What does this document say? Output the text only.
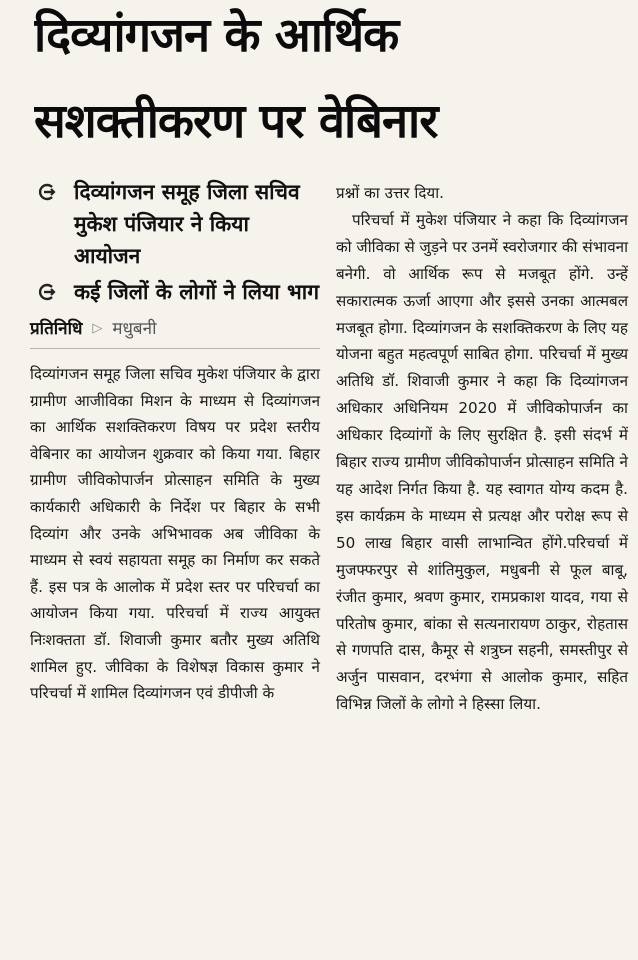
दिव्यांगजन के आर्थिक
सशक्तीकरण पर वेबिनार
दिव्यांगजन समूह जिला सचिव मुकेश पंजियार ने किया आयोजन
कई जिलों के लोगों ने लिया भाग
प्रतिनिधि ▷ मधुबनी

दिव्यांगजन समूह जिला सचिव मुकेश पंजियार के द्वारा ग्रामीण आजीविका मिशन के माध्यम से दिव्यांगजन का आर्थिक सशक्तिकरण विषय पर प्रदेश स्तरीय वेबिनार का आयोजन शुक्रवार को किया गया. बिहार ग्रामीण जीविकोपार्जन प्रोत्साहन समिति के मुख्य कार्यकारी अधिकारी के निर्देश पर बिहार के सभी दिव्यांग और उनके अभिभावक अब जीविका के माध्यम से स्वयं सहायता समूह का निर्माण कर सकते हैं. इस पत्र के आलोक में प्रदेश स्तर पर परिचर्चा का आयोजन किया गया. परिचर्चा में राज्य आयुक्त निःशक्तता डॉ. शिवाजी कुमार बतौर मुख्य अतिथि शामिल हुए. जीविका के विशेषज्ञ विकास कुमार ने परिचर्चा में शामिल दिव्यांगजन एवं डीपीजी के

प्रश्नों का उत्तर दिया.

परिचर्चा में मुकेश पंजियार ने कहा कि दिव्यांगजन को जीविका से जुड़ने पर उनमें स्वरोजगार की संभावना बनेगी. वो आर्थिक रूप से मजबूत होंगे. उन्हें सकारात्मक ऊर्जा आएगा और इससे उनका आत्मबल मजबूत होगा. दिव्यांगजन के सशक्तिकरण के लिए यह योजना बहुत महत्वपूर्ण साबित होगा. परिचर्चा में मुख्य अतिथि डॉ. शिवाजी कुमार ने कहा कि दिव्यांगजन अधिकार अधिनियम 2020 में जीविकोपार्जन का अधिकार दिव्यांगों के लिए सुरक्षित है. इसी संदर्भ में बिहार राज्य ग्रामीण जीविकोपार्जन प्रोत्साहन समिति ने यह आदेश निर्गत किया है. यह स्वागत योग्य कदम है. इस कार्यक्रम के माध्यम से प्रत्यक्ष और परोक्ष रूप से 50 लाख बिहार वासी लाभान्वित होंगे.परिचर्चा में मुजफ्फरपुर से शांतिमुकुल, मधुबनी से फूल बाबू, रंजीत कुमार, श्रवण कुमार, रामप्रकाश यादव, गया से परितोष कुमार, बांका से सत्यनारायण ठाकुर, रोहतास से गणपति दास, कैमूर से शत्रुघ्न सहनी, समस्तीपुर से अर्जुन पासवान, दरभंगा से आलोक कुमार, सहित विभिन्न जिलों के लोगो ने हिस्सा लिया.
